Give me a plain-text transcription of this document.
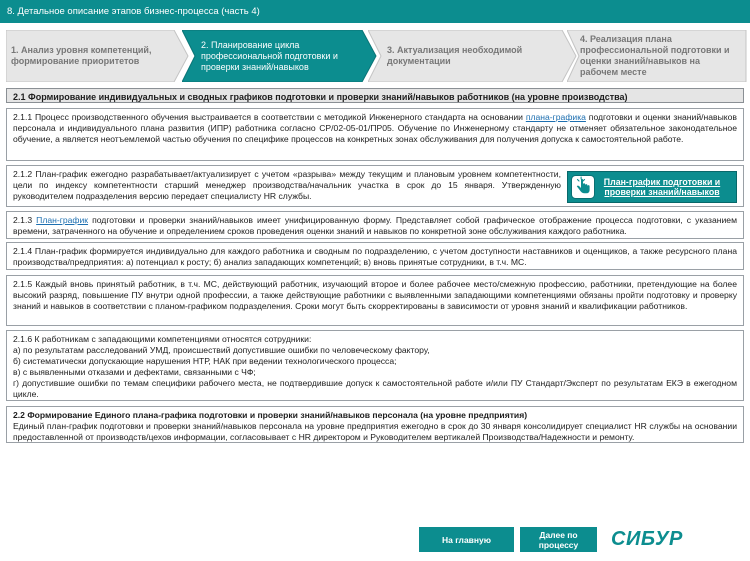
8. Детальное описание этапов бизнес-процесса (часть 4)
1. Анализ уровня компетенций, формирование приоритетов
2. Планирование цикла профессиональной подготовки и проверки знаний/навыков
3. Актуализация необходимой документации
4. Реализация плана профессиональной подготовки и оценки знаний/навыков на рабочем месте
2.1 Формирование индивидуальных и сводных графиков подготовки и проверки знаний/навыков работников (на уровне производства)
2.1.1 Процесс производственного обучения выстраивается в соответствии с методикой Инженерного стандарта на основании плана-графика подготовки и оценки знаний/навыков персонала и индивидуального плана развития (ИПР) работника согласно СР/02-05-01/ПР05. Обучение по Инженерному стандарту не отменяет обязательное законодательное обучение, а является неотъемлемой частью обучения по специфике процессов на конкретных зонах обслуживания для получения допуска к самостоятельной работе.
2.1.2 План-график ежегодно разрабатывает/актуализирует с учетом «разрыва» между текущим и плановым уровнем компетентности, цели по индексу компетентности старший менеджер производства/начальник участка в срок до 15 января. Утвержденную руководителем подразделения версию передает специалисту HR службы.
План-график подготовки и проверки знаний/навыков
2.1.3 План-график подготовки и проверки знаний/навыков имеет унифицированную форму. Представляет собой графическое отображение процесса подготовки, с указанием времени, затраченного на обучение и определением сроков проведения оценки знаний и навыков по конкретной зоне обслуживания каждого работника.
2.1.4 План-график формируется индивидуально для каждого работника и сводным по подразделению, с учетом доступности наставников и оценщиков, а также ресурсного плана производства/предприятия: а) потенциал к росту; б) анализ западающих компетенций; в) вновь принятые сотрудники, в т.ч. МС.
2.1.5 Каждый вновь принятый работник, в т.ч. МС, действующий работник, изучающий второе и более рабочее место/смежную профессию, работники, претендующие на более высокий разряд, повышение ПУ внутри одной профессии, а также действующие работники с выявленными западающими компетенциями обязаны пройти подготовку и проверку знаний и навыков в соответствии с планом-графиком подразделения. Сроки могут быть скорректированы в зависимости от уровня знаний и квалификации работников.
2.1.6 К работникам с западающими компетенциями относятся сотрудники:
а) по результатам расследований УМД, происшествий допустившие ошибки по человеческому фактору,
б) систематически допускающие нарушения НТР, НАК при ведении технологического процесса;
в) с выявленными отказами и дефектами, связанными с ЧФ;
г) допустившие ошибки по темам специфики рабочего места, не подтвердившие допуск к самостоятельной работе и/или ПУ Стандарт/Эксперт по результатам ЕКЭ в ежегодном цикле.
2.2 Формирование Единого плана-графика подготовки и проверки знаний/навыков персонала (на уровне предприятия)
Единый план-график подготовки и проверки знаний/навыков персонала на уровне предприятия ежегодно в срок до 30 января консолидирует специалист HR службы на основании предоставленной от производств/цехов информации, согласовывает с HR директором и Руководителем вертикалей Производства/Надежности и ремонту.
На главную	Далее по процессу	СИБУР
